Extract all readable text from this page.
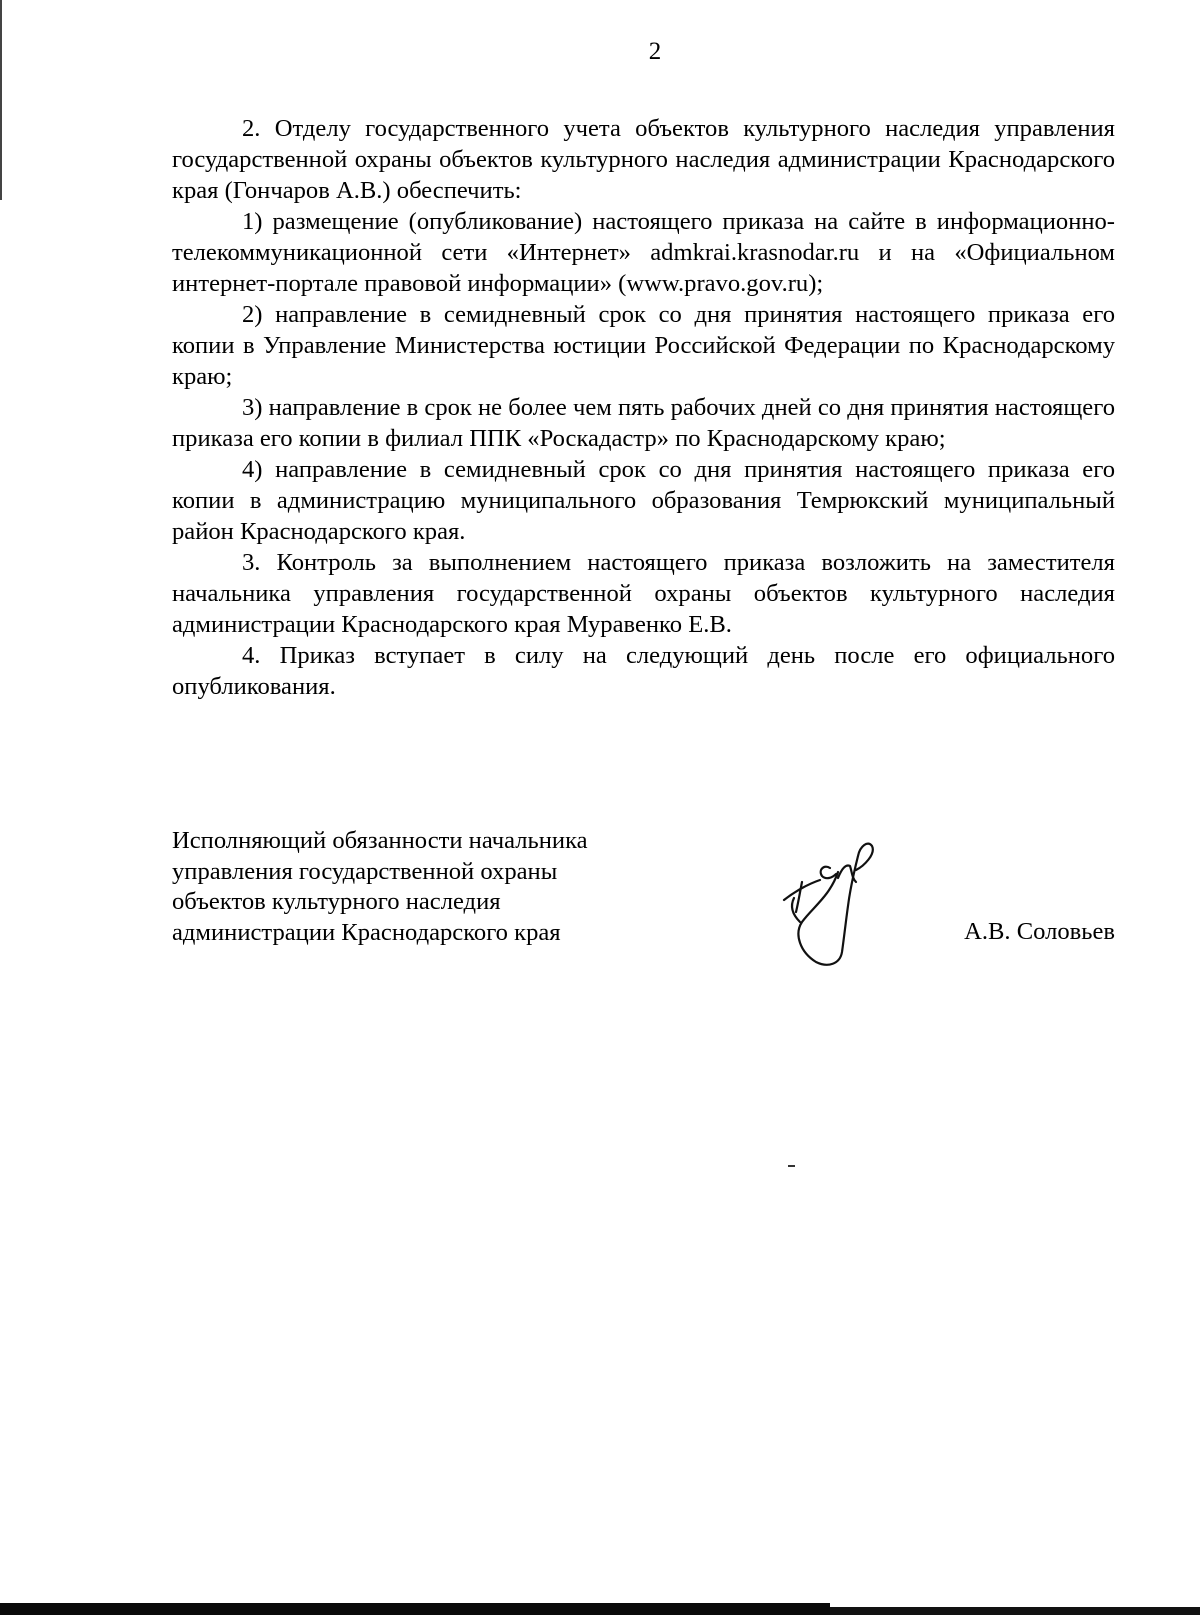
2

2. Отделу государственного учета объектов культурного наследия управления государственной охраны объектов культурного наследия администрации Краснодарского края (Гончаров А.В.) обеспечить:

1) размещение (опубликование) настоящего приказа на сайте в информационно-телекоммуникационной сети «Интернет» admkrai.krasnodar.ru и на «Официальном интернет-портале правовой информации» (www.pravo.gov.ru);

2) направление в семидневный срок со дня принятия настоящего приказа его копии в Управление Министерства юстиции Российской Федерации по Краснодарскому краю;

3) направление в срок не более чем пять рабочих дней со дня принятия настоящего приказа его копии в филиал ППК «Роскадастр» по Краснодарскому краю;

4) направление в семидневный срок со дня принятия настоящего приказа его копии в администрацию муниципального образования Темрюкский муниципальный район Краснодарского края.

3. Контроль за выполнением настоящего приказа возложить на заместителя начальника управления государственной охраны объектов культурного наследия администрации Краснодарского края Муравенко Е.В.

4. Приказ вступает в силу на следующий день после его официального опубликования.

Исполняющий обязанности начальника
управления государственной охраны
объектов культурного наследия
администрации Краснодарского края	А.В. Соловьев
